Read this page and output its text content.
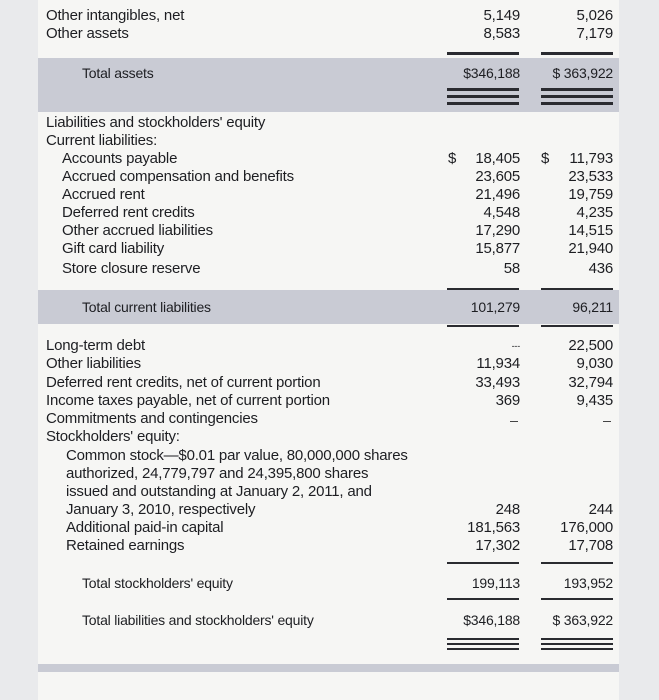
Other intangibles, net	5,149	5,026
Other assets	8,583	7,179
Total assets	$346,188 $ 363,922
Liabilities and stockholders' equity
Current liabilities:
Accounts payable	$ 18,405 $ 11,793
Accrued compensation and benefits	23,605	23,533
Accrued rent	21,496	19,759
Deferred rent credits	4,548	4,235
Other accrued liabilities	17,290	14,515
Gift card liability	15,877	21,940
Store closure reserve	58	436
Total current liabilities	101,279	96,211
Long-term debt	---	22,500
Other liabilities	11,934	9,030
Deferred rent credits, net of current portion	33,493	32,794
Income taxes payable, net of current portion	369	9,435
Commitments and contingencies
Stockholders' equity:
Common stock—$0.01 par value, 80,000,000 shares
authorized, 24,779,797 and 24,395,800 shares
issued and outstanding at January 2, 2011, and
January 3, 2010, respectively	248	244
Additional paid-in capital	181,563	176,000
Retained earnings	17,302	17,708
Total stockholders' equity	199,113	193,952
Total liabilities and stockholders' equity	$346,188 $ 363,922
